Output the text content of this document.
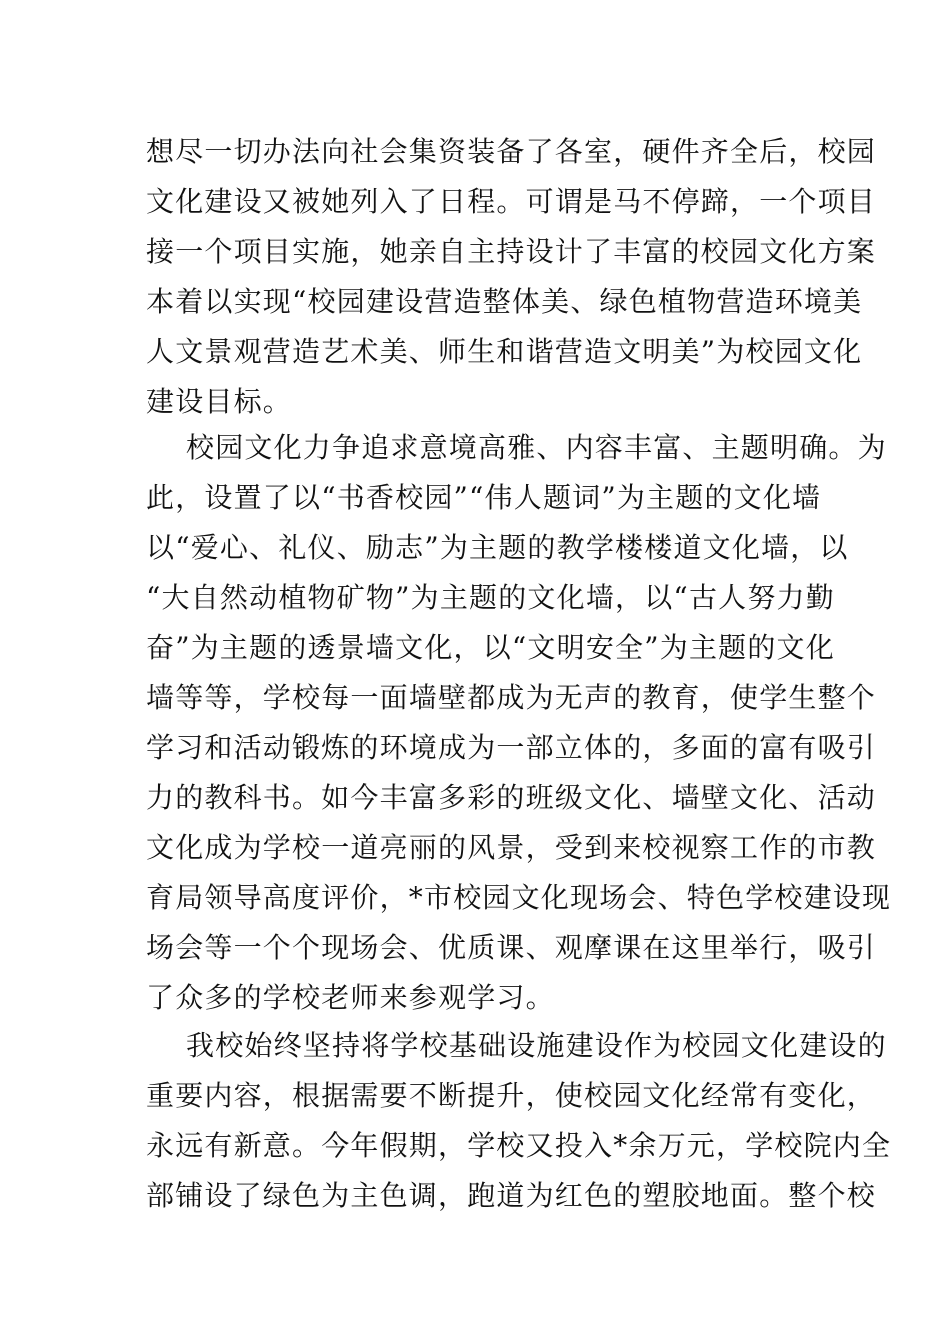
想尽一切办法向社会集资装备了各室，硬件齐全后，校园
文化建设又被她列入了日程。可谓是马不停蹄，一个项目
接一个项目实施，她亲自主持设计了丰富的校园文化方案
本着以实现“校园建设营造整体美、绿色植物营造环境美
人文景观营造艺术美、师生和谐营造文明美”为校园文化
建设目标。
校园文化力争追求意境高雅、内容丰富、主题明确。为
此，设置了以“书香校园”“伟人题词”为主题的文化墙
以“爱心、礼仪、励志”为主题的教学楼楼道文化墙，以
“大自然动植物矿物”为主题的文化墙，以“古人努力勤
奋”为主题的透景墙文化，以“文明安全”为主题的文化
墙等等，学校每一面墙壁都成为无声的教育，使学生整个
学习和活动锻炼的环境成为一部立体的，多面的富有吸引
力的教科书。如今丰富多彩的班级文化、墙壁文化、活动
文化成为学校一道亮丽的风景，受到来校视察工作的市教
育局领导高度评价，*市校园文化现场会、特色学校建设现
场会等一个个现场会、优质课、观摩课在这里举行，吸引
了众多的学校老师来参观学习。
我校始终坚持将学校基础设施建设作为校园文化建设的
重要内容，根据需要不断提升，使校园文化经常有变化，
永远有新意。今年假期，学校又投入*余万元，学校院内全
部铺设了绿色为主色调，跑道为红色的塑胶地面。整个校
